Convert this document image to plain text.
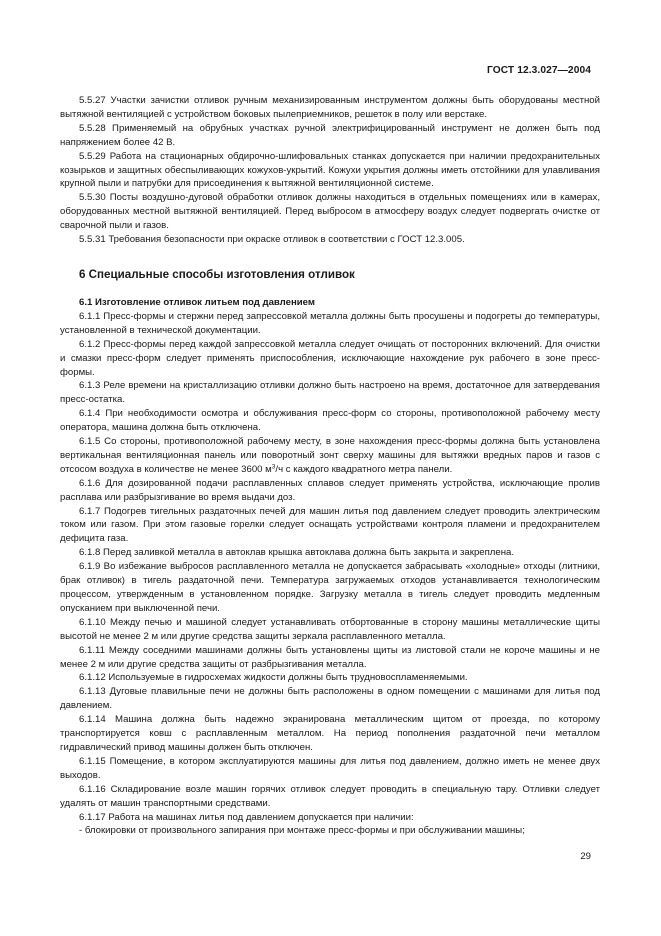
ГОСТ 12.3.027—2004

5.5.27 Участки зачистки отливок ручным механизированным инструментом должны быть оборудованы местной вытяжной вентиляцией с устройством боковых пылеприемников, решеток в полу или верстаке.

5.5.28 Применяемый на обрубных участках ручной электрифицированный инструмент не должен быть под напряжением более 42 В.

5.5.29 Работа на стационарных обдирочно-шлифовальных станках допускается при наличии предохранительных козырьков и защитных обеспыливающих кожухов-укрытий. Кожухи укрытия должны иметь отстойники для улавливания крупной пыли и патрубки для присоединения к вытяжной вентиляционной системе.

5.5.30 Посты воздушно-дуговой обработки отливок должны находиться в отдельных помещениях или в камерах, оборудованных местной вытяжной вентиляцией. Перед выбросом в атмосферу воздух следует подвергать очистке от сварочной пыли и газов.

5.5.31 Требования безопасности при окраске отливок в соответствии с ГОСТ 12.3.005.

6 Специальные способы изготовления отливок

6.1 Изготовление отливок литьем под давлением

6.1.1 Пресс-формы и стержни перед запрессовкой металла должны быть просушены и подогреты до температуры, установленной в технической документации.

6.1.2 Пресс-формы перед каждой запрессовкой металла следует очищать от посторонних включений. Для очистки и смазки пресс-форм следует применять приспособления, исключающие нахождение рук рабочего в зоне пресс-формы.

6.1.3 Реле времени на кристаллизацию отливки должно быть настроено на время, достаточное для затвердевания пресс-остатка.

6.1.4 При необходимости осмотра и обслуживания пресс-форм со стороны, противоположной рабочему месту оператора, машина должна быть отключена.

6.1.5 Со стороны, противоположной рабочему месту, в зоне нахождения пресс-формы должна быть установлена вертикальная вентиляционная панель или поворотный зонт сверху машины для вытяжки вредных паров и газов с отсосом воздуха в количестве не менее 3600 $м^3/ч$ с каждого квадратного метра панели.

6.1.6 Для дозированной подачи расплавленных сплавов следует применять устройства, исключающие пролив расплава или разбрызгивание во время выдачи доз.

6.1.7 Подогрев тигельных раздаточных печей для машин литья под давлением следует проводить электрическим током или газом. При этом газовые горелки следует оснащать устройствами контроля пламени и предохранителем дефицита газа.

6.1.8 Перед заливкой металла в автоклав крышка автоклава должна быть закрыта и закреплена.

6.1.9 Во избежание выбросов расплавленного металла не допускается забрасывать «холодные» отходы (литники, брак отливок) в тигель раздаточной печи. Температура загружаемых отходов устанавливается технологическим процессом, утвержденным в установленном порядке. Загрузку металла в тигель следует проводить медленным опусканием при выключенной печи.

6.1.10 Между печью и машиной следует устанавливать отбортованные в сторону машины металлические щиты высотой не менее 2 м или другие средства защиты зеркала расплавленного металла.

6.1.11 Между соседними машинами должны быть установлены щиты из листовой стали не короче машины и не менее 2 м или другие средства защиты от разбрызгивания металла.

6.1.12 Используемые в гидросхемах жидкости должны быть трудновоспламеняемыми.

6.1.13 Дуговые плавильные печи не должны быть расположены в одном помещении с машинами для литья под давлением.

6.1.14 Машина должна быть надежно экранирована металлическим щитом от проезда, по которому транспортируется ковш с расплавленным металлом. На период пополнения раздаточной печи металлом гидравлический привод машины должен быть отключен.

6.1.15 Помещение, в котором эксплуатируются машины для литья под давлением, должно иметь не менее двух выходов.

6.1.16 Складирование возле машин горячих отливок следует проводить в специальную тару. Отливки следует удалять от машин транспортными средствами.

6.1.17 Работа на машинах литья под давлением допускается при наличии:

- блокировки от произвольного запирания при монтаже пресс-формы и при обслуживании машины;

29
